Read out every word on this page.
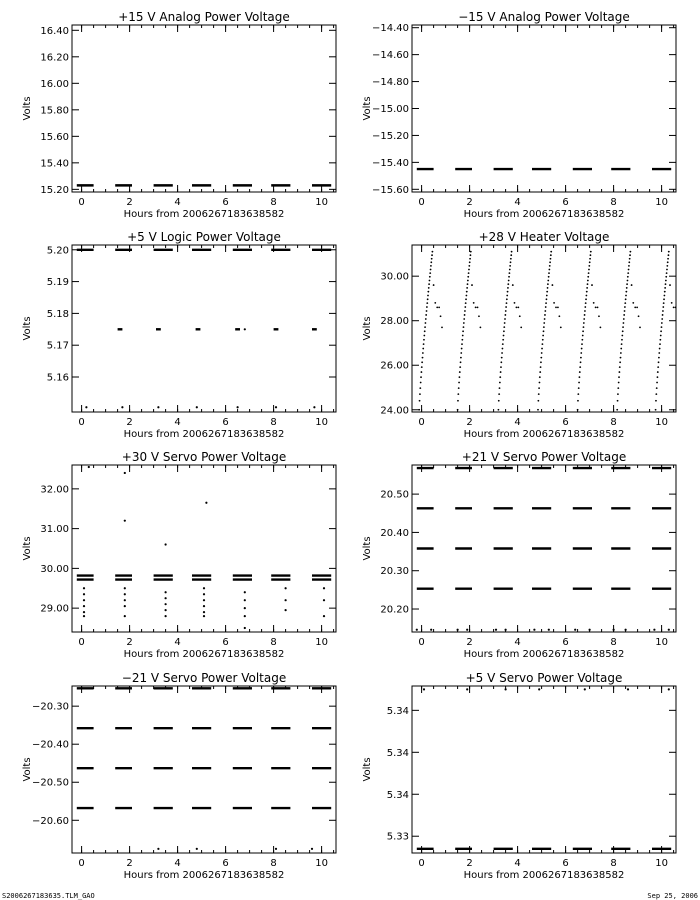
+15 V Analog Power Voltage
0	2	4	6	8	10
15.20
15.40
15.60
15.80
16.00
16.20
16.40
Hours from 2006267183638582
Volts
−15 V Analog Power Voltage
0	2	4	6	8	10
−14.40
−14.60
−14.80
−15.00
−15.20
−15.40
−15.60
Hours from 2006267183638582
Volts
+5 V Logic Power Voltage
0	2	4	6	8	10
5.16
5.17
5.18
5.19
5.20
Hours from 2006267183638582
Volts
+28 V Heater Voltage
0	2	4	6	8	10
24.00
26.00
28.00
30.00
Hours from 2006267183638582
Volts
+30 V Servo Power Voltage
0	2	4	6	8	10
29.00
30.00
31.00
32.00
Hours from 2006267183638582
Volts
+21 V Servo Power Voltage
0	2	4	6	8	10
20.20
20.30
20.40
20.50
Hours from 2006267183638582
Volts
−21 V Servo Power Voltage
0	2	4	6	8	10
−20.30
−20.40
−20.50
−20.60
Hours from 2006267183638582
Volts
+5 V Servo Power Voltage
0	2	4	6	8	10
5.33
5.34
5.34
5.34
Hours from 2006267183638582
Volts
S2006267183635.TLM_GAO	Sep 25, 2006
